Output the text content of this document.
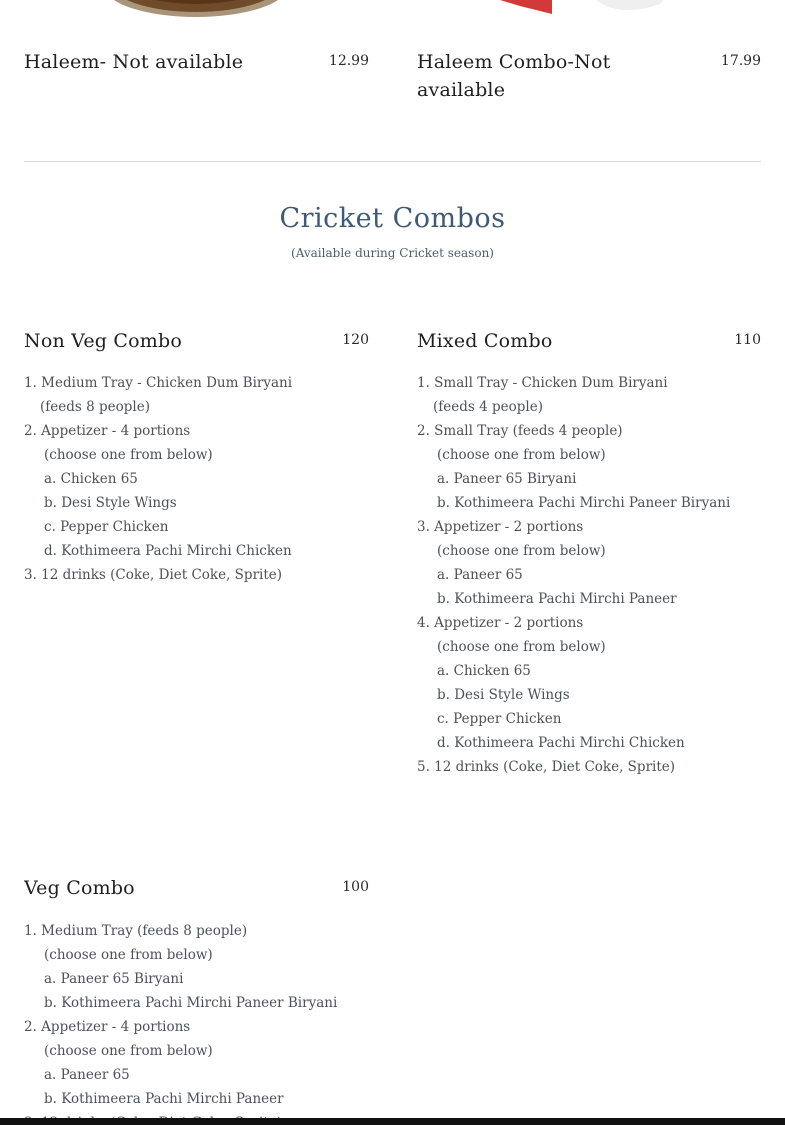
Haleem- Not available	12.99	Haleem Combo-Not available
17.99
Cricket Combos
(Available during Cricket season)
Non Veg Combo	120
1. Medium Tray - Chicken Dum Biryani
(feeds 8 people)
2. Appetizer - 4 portions
(choose one from below)
a. Chicken 65
b. Desi Style Wings
c. Pepper Chicken
d. Kothimeera Pachi Mirchi Chicken
3. 12 drinks (Coke, Diet Coke, Sprite)
Mixed Combo	110
1. Small Tray - Chicken Dum Biryani
(feeds 4 people)
2. Small Tray (feeds 4 people)
(choose one from below)
a. Paneer 65 Biryani
b. Kothimeera Pachi Mirchi Paneer Biryani
3. Appetizer - 2 portions
(choose one from below)
a. Paneer 65
b. Kothimeera Pachi Mirchi Paneer
4. Appetizer - 2 portions
(choose one from below)
a. Chicken 65
b. Desi Style Wings
c. Pepper Chicken
d. Kothimeera Pachi Mirchi Chicken
5. 12 drinks (Coke, Diet Coke, Sprite)
Veg Combo	100
1. Medium Tray (feeds 8 people)
(choose one from below)
a. Paneer 65 Biryani
b. Kothimeera Pachi Mirchi Paneer Biryani
2. Appetizer - 4 portions
(choose one from below)
a. Paneer 65
b. Kothimeera Pachi Mirchi Paneer
